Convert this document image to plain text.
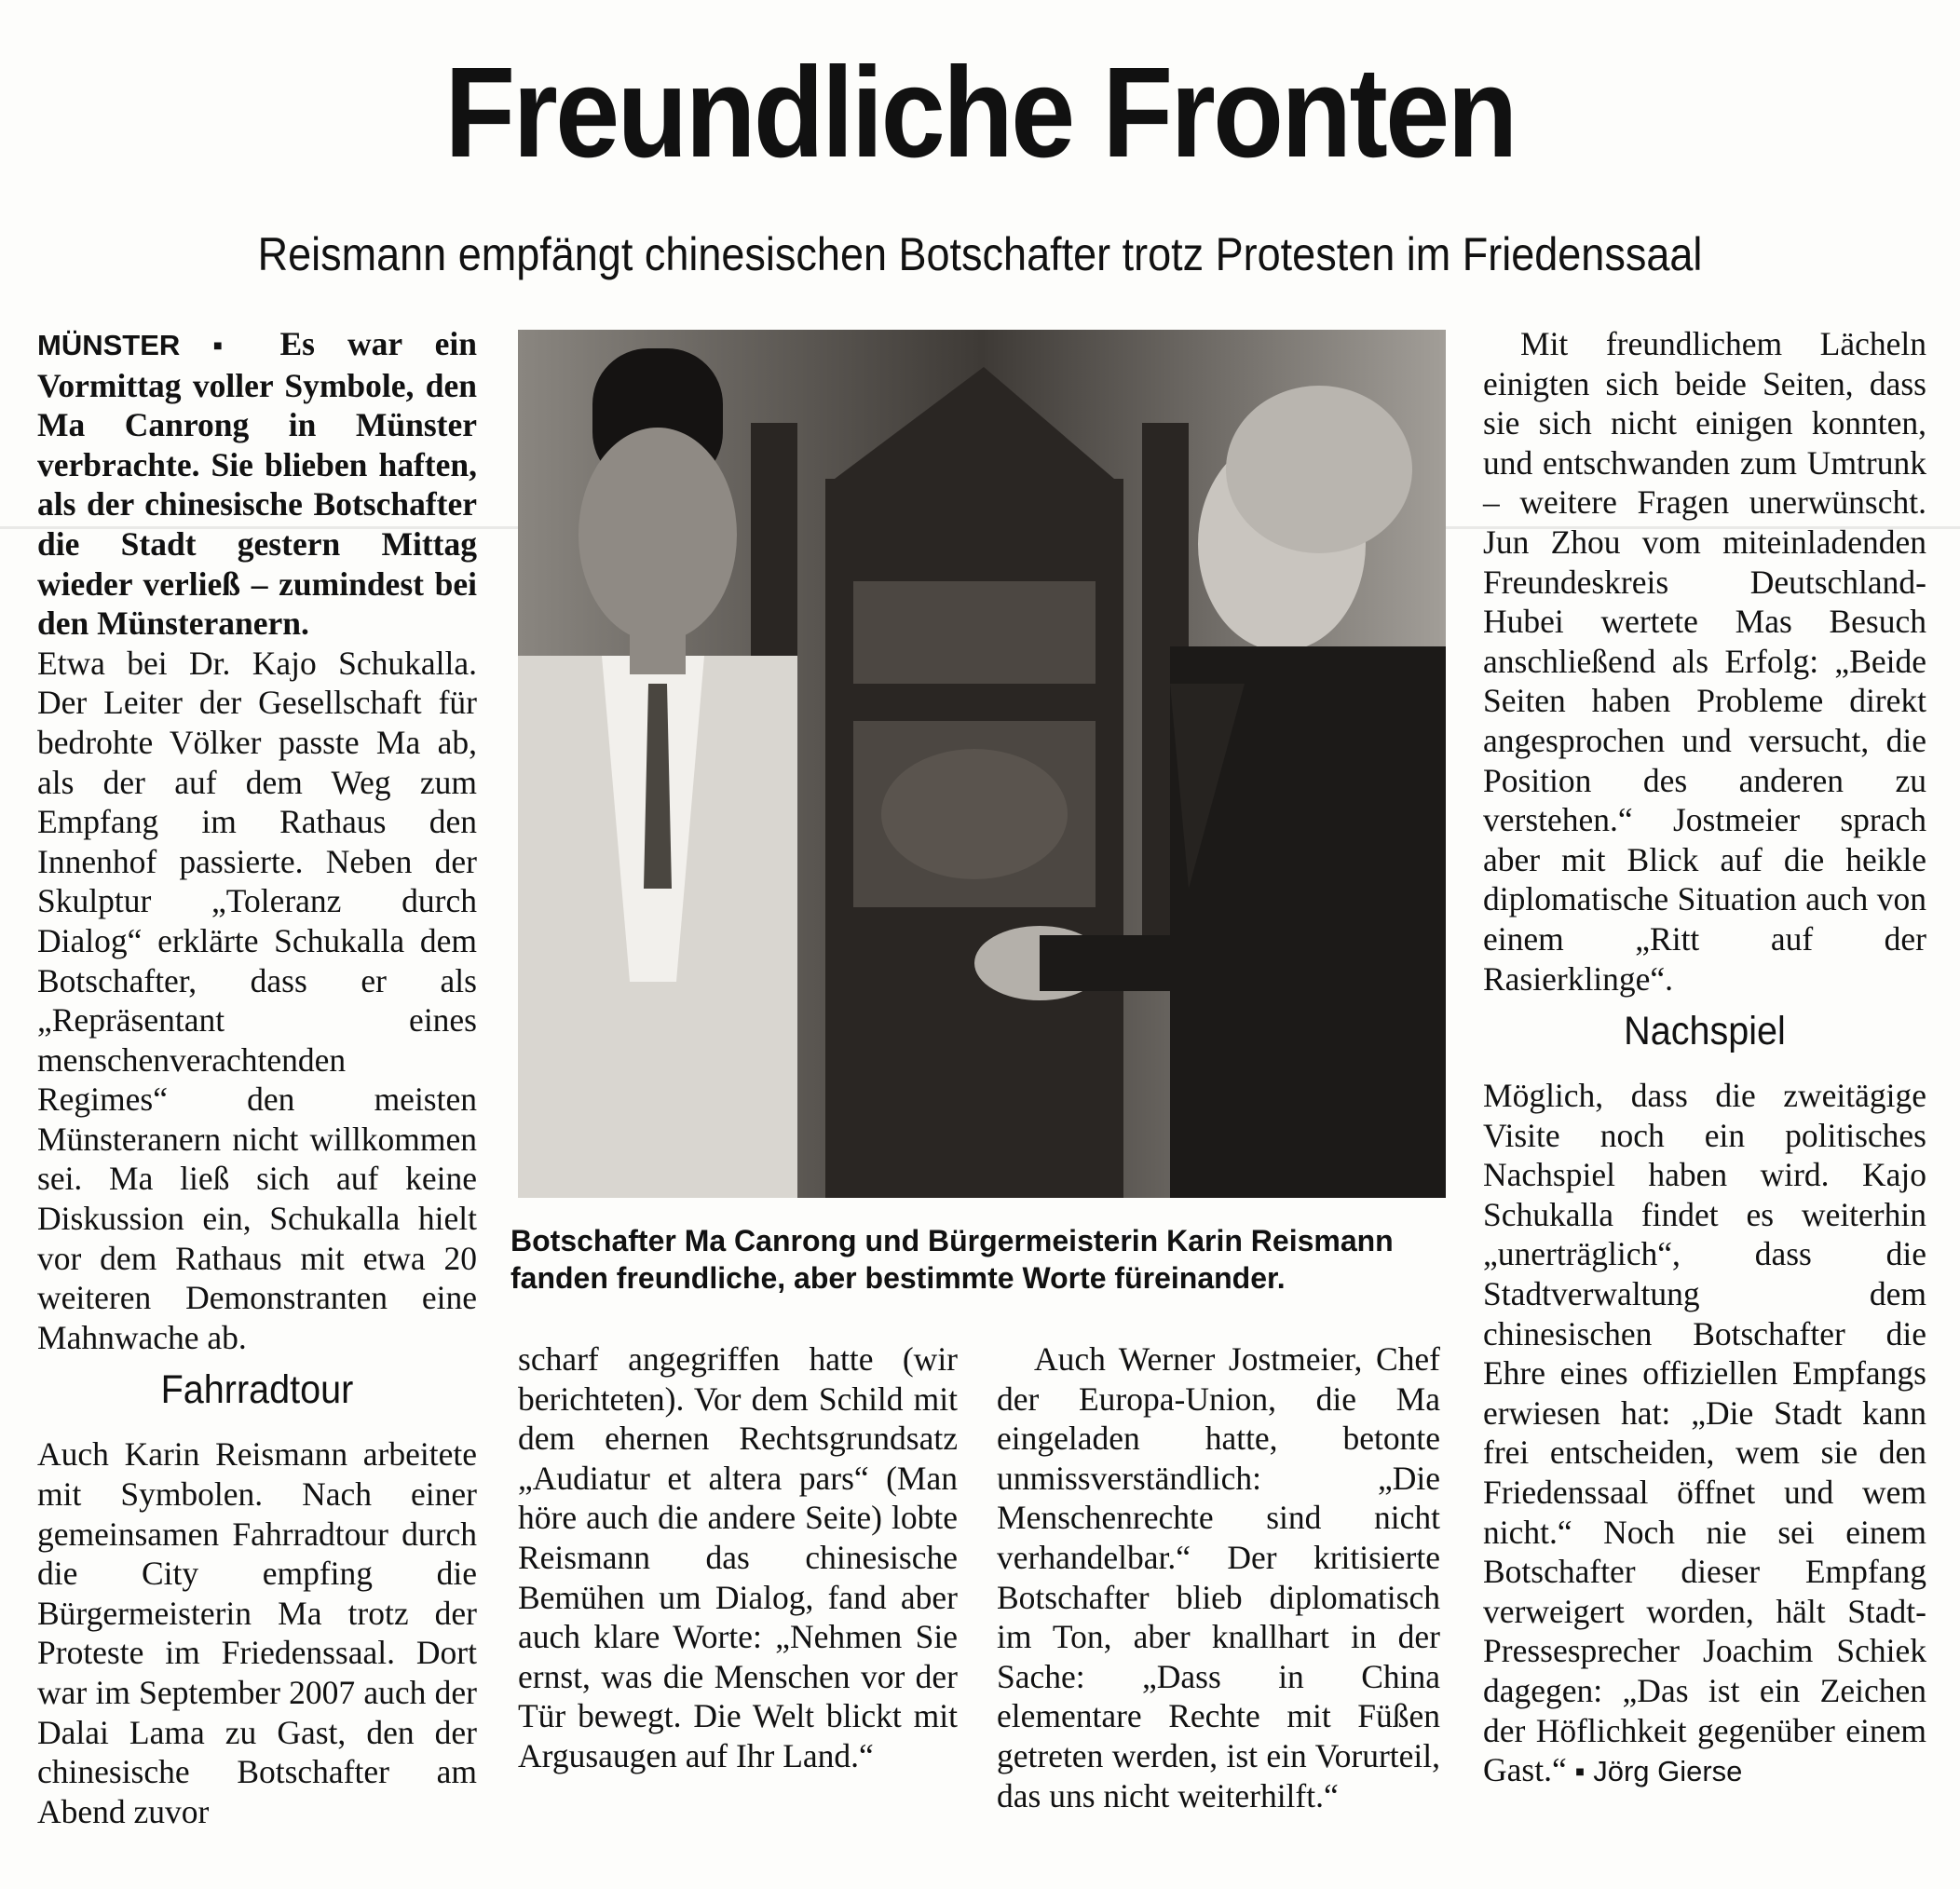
Freundliche Fronten
Reismann empfängt chinesischen Botschafter trotz Protesten im Friedenssaal

MÜNSTER ▪ Es war ein Vormittag voller Symbole, den Ma Canrong in Münster verbrachte. Sie blieben haften, als der chinesische Botschafter die Stadt gestern Mittag wieder verließ – zumindest bei den Münsteranern.

Etwa bei Dr. Kajo Schukalla. Der Leiter der Gesellschaft für bedrohte Völker passte Ma ab, als der auf dem Weg zum Empfang im Rathaus den Innenhof passierte. Neben der Skulptur „Toleranz durch Dialog“ erklärte Schukalla dem Botschafter, dass er als „Repräsentant eines menschenverachtenden Regimes“ den meisten Münsteranern nicht willkommen sei. Ma ließ sich auf keine Diskussion ein, Schukalla hielt vor dem Rathaus mit etwa 20 weiteren Demonstranten eine Mahnwache ab.

Fahrradtour

Auch Karin Reismann arbeitete mit Symbolen. Nach einer gemeinsamen Fahrradtour durch die City empfing die Bürgermeisterin Ma trotz der Proteste im Friedenssaal. Dort war im September 2007 auch der Dalai Lama zu Gast, den der chinesische Botschafter am Abend zuvor

Botschafter Ma Canrong und Bürgermeisterin Karin Reismann fanden freundliche, aber bestimmte Worte füreinander.

scharf angegriffen hatte (wir berichteten). Vor dem Schild mit dem ehernen Rechtsgrundsatz „Audiatur et altera pars“ (Man höre auch die andere Seite) lobte Reismann das chinesische Bemühen um Dialog, fand aber auch klare Worte: „Nehmen Sie ernst, was die Menschen vor der Tür bewegt. Die Welt blickt mit Argusaugen auf Ihr Land.“

Auch Werner Jostmeier, Chef der Europa-Union, die Ma eingeladen hatte, betonte unmissverständlich: „Die Menschenrechte sind nicht verhandelbar.“ Der kritisierte Botschafter blieb diplomatisch im Ton, aber knallhart in der Sache: „Dass in China elementare Rechte mit Füßen getreten werden, ist ein Vorurteil, das uns nicht weiterhilft.“

Mit freundlichem Lächeln einigten sich beide Seiten, dass sie sich nicht einigen konnten, und entschwanden zum Umtrunk – weitere Fragen unerwünscht. Jun Zhou vom miteinladenden Freundeskreis Deutschland-Hubei wertete Mas Besuch anschließend als Erfolg: „Beide Seiten haben Probleme direkt angesprochen und versucht, die Position des anderen zu verstehen.“ Jostmeier sprach aber mit Blick auf die heikle diplomatische Situation auch von einem „Ritt auf der Rasierklinge“.

Nachspiel

Möglich, dass die zweitägige Visite noch ein politisches Nachspiel haben wird. Kajo Schukalla findet es weiterhin „unerträglich“, dass die Stadtverwaltung dem chinesischen Botschafter die Ehre eines offiziellen Empfangs erwiesen hat: „Die Stadt kann frei entscheiden, wem sie den Friedenssaal öffnet und wem nicht.“ Noch nie sei einem Botschafter dieser Empfang verweigert worden, hält Stadt-Pressesprecher Joachim Schiek dagegen: „Das ist ein Zeichen der Höflichkeit gegenüber einem Gast.“ ▪ Jörg Gierse
